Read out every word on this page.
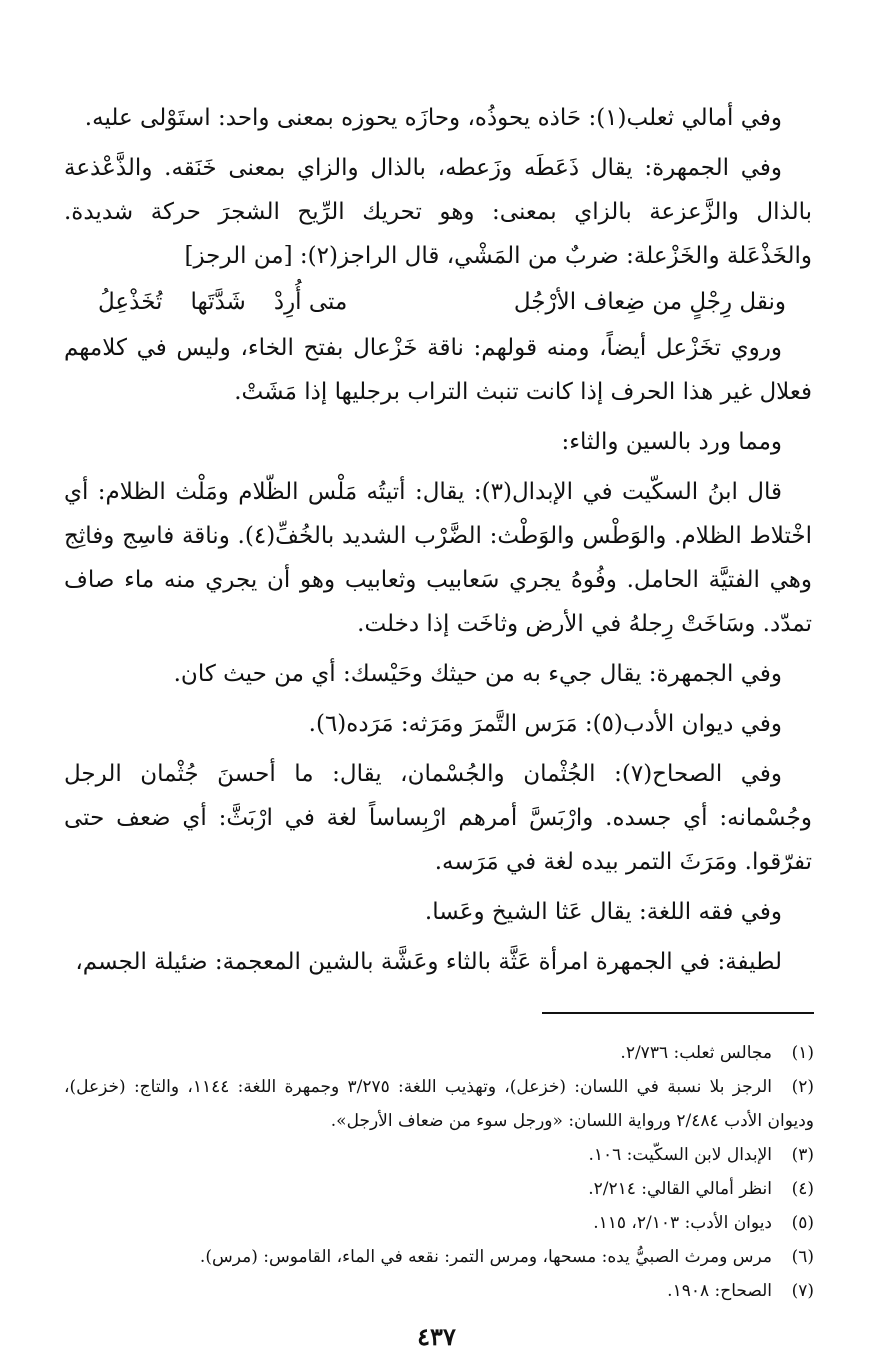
وفي أمالي ثعلب(١): حَاذه يحوذُه، وحازَه يحوزه بمعنى واحد: استَوْلى عليه.

وفي الجمهرة: يقال ذَعَطَه وزَعطه، بالذال والزاي بمعنى خَنَقه. والذَّعْذعة بالذال والزَّعزعة بالزاي بمعنى: وهو تحريك الرِّيح الشجرَ حركة شديدة. والخَذْعَلة والخَزْعلة: ضربٌ من المَشْي، قال الراجز(٢): [من الرجز]

ونقل رِجْلٍ من ضِعاف الأرْجُل
متى أُرِدْ
شَدَّتَها
تُخَذْعِلُ

وروي تخَزْعل أيضاً، ومنه قولهم: ناقة خَزْعال بفتح الخاء، وليس في كلامهم فعلال غير هذا الحرف إذا كانت تنبث التراب برجليها إذا مَشَتْ.

ومما ورد بالسين والثاء:

قال ابنُ السكّيت في الإبدال(٣): يقال: أتيتُه مَلْس الظّلام ومَلْث الظلام: أي اخْتلاط الظلام. والوَطْس والوَطْث: الضَّرْب الشديد بالخُفِّ(٤). وناقة فاسِج وفاثِج وهي الفتيَّة الحامل. وفُوهُ يجري سَعابيب وثعابيب وهو أن يجري منه ماء صاف تمدّد. وسَاخَتْ رِجلهُ في الأرض وثاخَت إذا دخلت.

وفي الجمهرة: يقال جيء به من حيثك وحَيْسك: أي من حيث كان.

وفي ديوان الأدب(٥): مَرَس التَّمرَ ومَرَثه: مَرَده(٦).

وفي الصحاح(٧): الجُثْمان والجُسْمان، يقال: ما أحسنَ جُثْمان الرجل وجُسْمانه: أي جسده. وارْبَسَّ أمرهم ارْبِساساً لغة في ارْبَثَّ: أي ضعف حتى تفرّقوا. ومَرَثَ التمر بيده لغة في مَرَسه.

وفي فقه اللغة: يقال عَثا الشيخ وعَسا.

لطيفة: في الجمهرة امرأة عَثَّة بالثاء وعَشَّة بالشين المعجمة: ضئيلة الجسم،

(١)مجالس ثعلب: ٢/٧٣٦.

(٢)الرجز بلا نسبة في اللسان: (خزعل)، وتهذيب اللغة: ٣/٢٧٥ وجمهرة اللغة: ١١٤٤، والتاج: (خزعل)، وديوان الأدب ٢/٤٨٤ ورواية اللسان: «ورجل سوء من ضعاف الأرجل».

(٣)الإبدال لابن السكّيت: ١٠٦.

(٤)انظر أمالي القالي: ٢/٢١٤.

(٥)ديوان الأدب: ٢/١٠٣، ١١٥.

(٦)مرس ومرث الصبيُّ يده: مسحها، ومرس التمر: نقعه في الماء، القاموس: (مرس).

(٧)الصحاح: ١٩٠٨.

٤٣٧
